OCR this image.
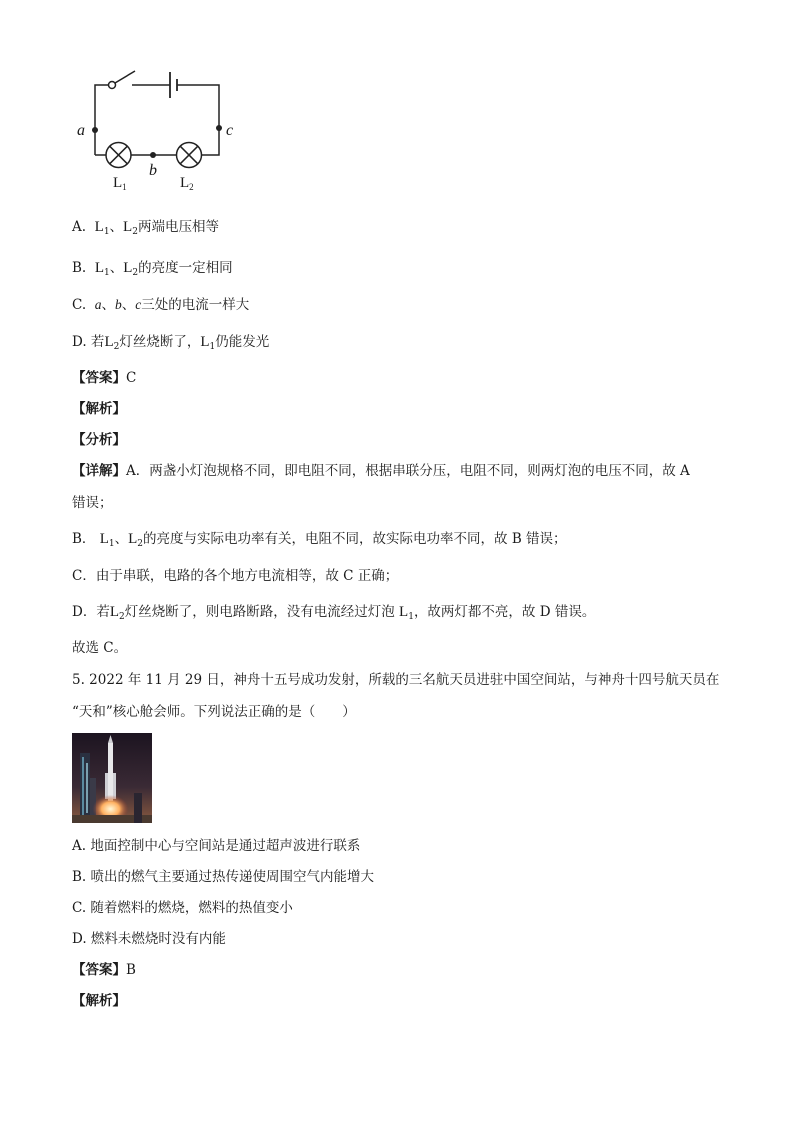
a
b
c
$L_1$	$L_2$
A. $L_1$、$L_2$两端电压相等
B. $L_1$、$L_2$的亮度一定相同
C. a、b、c三处的电流一样大
D. 若$L_2$灯丝烧断了，$L_1$仍能发光
【答案】C
【解析】
【分析】
【详解】A．两盏小灯泡规格不同，即电阻不同，根据串联分压，电阻不同，则两灯泡的电压不同，故 A
错误；
B． $L_1$、$L_2$的亮度与实际电功率有关，电阻不同，故实际电功率不同，故 B 错误；
C．由于串联，电路的各个地方电流相等，故 C 正确；
D．若$L_2$灯丝烧断了，则电路断路，没有电流经过灯泡 $L_1$，故两灯都不亮，故 D 错误。
故选 C。
5. 2022 年 11 月 29 日，神舟十五号成功发射，所载的三名航天员进驻中国空间站，与神舟十四号航天员在
“天和”核心舱会师。下列说法正确的是（　　）
A. 地面控制中心与空间站是通过超声波进行联系
B. 喷出的燃气主要通过热传递使周围空气内能增大
C. 随着燃料的燃烧，燃料的热值变小
D. 燃料未燃烧时没有内能
【答案】B
【解析】
